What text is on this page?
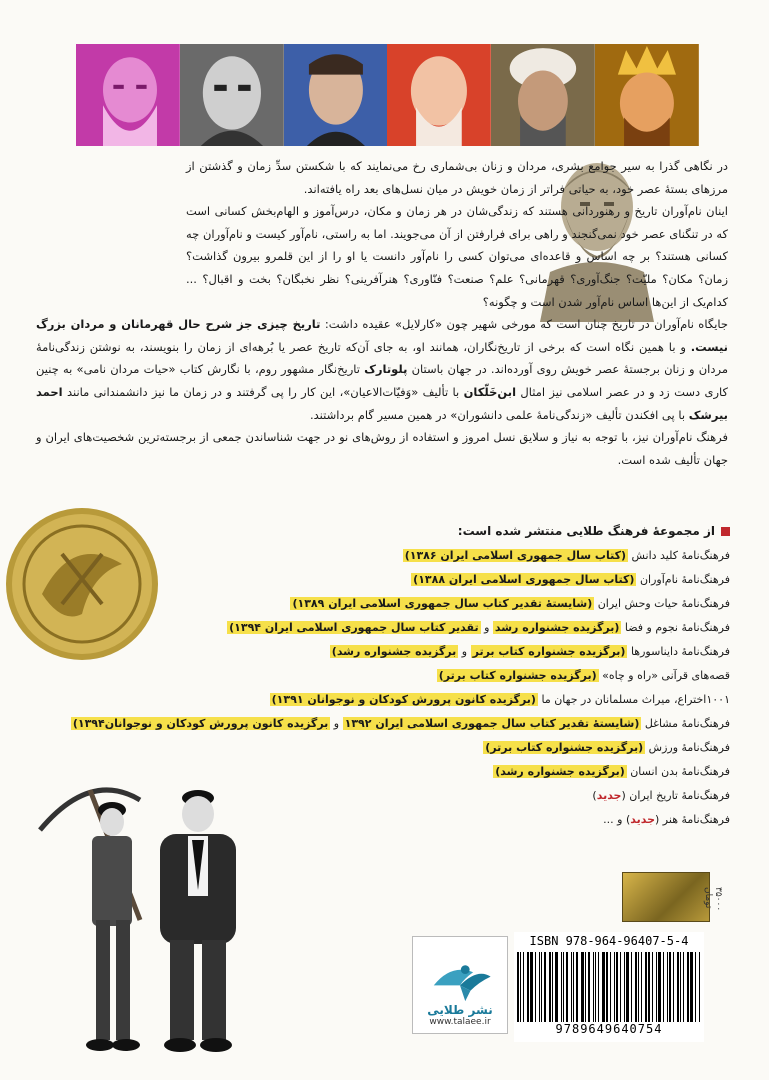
در نگاهی گذرا به سیر جوامع بشری، مردان و زنان بی‌شماری رخ می‌نمایند که با شکستن سدِّ زمان و گذشتن از مرزهای بستهٔ عصر خود، به حیاتی فراتر از زمان خویش در میان نسل‌های بعد راه یافته‌اند.

اینان نام‌آوران تاریخ و رهنوردانی هستند که زندگی‌شان در هر زمان و مکان، درس‌آموز و الهام‌بخش کسانی است که در تنگنای عصر خود نمی‌گنجند و راهی برای فرارفتن از آن می‌جویند. اما به راستی، نام‌آور کیست و نام‌آوران چه کسانی هستند؟ بر چه اساس و قاعده‌ای می‌توان کسی را نام‌آور دانست یا او را از این قلمرو بیرون گذاشت؟ زمان؟ مکان؟ ملیّت؟ جنگ‌آوری؟ قهرمانی؟ علم؟ صنعت؟ فنّاوری؟ هنرآفرینی؟ نظر نخبگان؟ بخت و اقبال؟ ... کدام‌یک از این‌ها اساس نام‌آور شدن است و چگونه؟

جایگاه نام‌آوران در تاریخ چنان است که مورخی شهیر چون «کارلایل» عقیده داشت: تاریخ چیزی جز شرح حال قهرمانان و مردان بزرگ نیست. و با همین نگاه است که برخی از تاریخ‌نگاران، همانند او، به جای آن‌که تاریخ عصر یا بُرهه‌ای از زمان را بنویسند، به نوشتن زندگی‌نامهٔ مردان و زنان برجستهٔ عصر خویش روی آورده‌اند. در جهان باستان پلوتارک تاریخ‌نگار مشهور روم، با نگارش کتاب «حیات مردان نامی» به چنین کاری دست زد و در عصر اسلامی نیز امثال ابن‌خَلّکان با تألیف «وَفیّات‌الاعیان»، این کار را پی گرفتند و در زمان ما نیز دانشمندانی مانند احمد بیرشک با پی افکندن تألیف «زندگی‌نامهٔ علمی دانشوران» در همین مسیر گام برداشتند.

فرهنگ نام‌آوران نیز، با توجه به نیاز و سلایق نسل امروز و استفاده از روش‌های نو در جهت شناساندن جمعی از برجسته‌ترین شخصیت‌های ایران و جهان تألیف شده است.

از مجموعهٔ فرهنگ طلایی منتشر شده است:
فرهنگ‌نامهٔ کلید دانش (کتاب سال جمهوری اسلامی ایران ۱۳۸۶)
فرهنگ‌نامهٔ نام‌آوران (کتاب سال جمهوری اسلامی ایران ۱۳۸۸)
فرهنگ‌نامهٔ حیات وحش ایران (شایستهٔ تقدیر کتاب سال جمهوری اسلامی ایران ۱۳۸۹)
فرهنگ‌نامهٔ نجوم و فضا (برگزیده جشنواره رشد و تقدیر کتاب سال جمهوری اسلامی ایران ۱۳۹۴)
فرهنگ‌نامهٔ دایناسورها (برگزیده جشنواره کتاب برتر و برگزیده جشنواره رشد)
قصه‌های قرآنی «راه و چاه» (برگزیده جشنواره کتاب برتر)
۱۰۰۱اختراع، میراث مسلمانان در جهان ما (برگزیده کانون پرورش کودکان و نوجوانان ۱۳۹۱)
فرهنگ‌نامهٔ مشاغل (شایستهٔ تقدیر کتاب سال جمهوری اسلامی ایران ۱۳۹۲ و برگزیده کانون پرورش کودکان و نوجوانان۱۳۹۴)
فرهنگ‌نامهٔ ورزش (برگزیده جشنواره کتاب برتر)
فرهنگ‌نامهٔ بدن انسان (برگزیده جشنواره رشد)
فرهنگ‌نامهٔ تاریخ ایران (جدید)
فرهنگ‌نامهٔ هنر (جدید) و ...
۳۵۰۰۰ تومان
نشر طلایی
www.talaee.ir
ISBN 978-964-96407-5-4
9789649640754
